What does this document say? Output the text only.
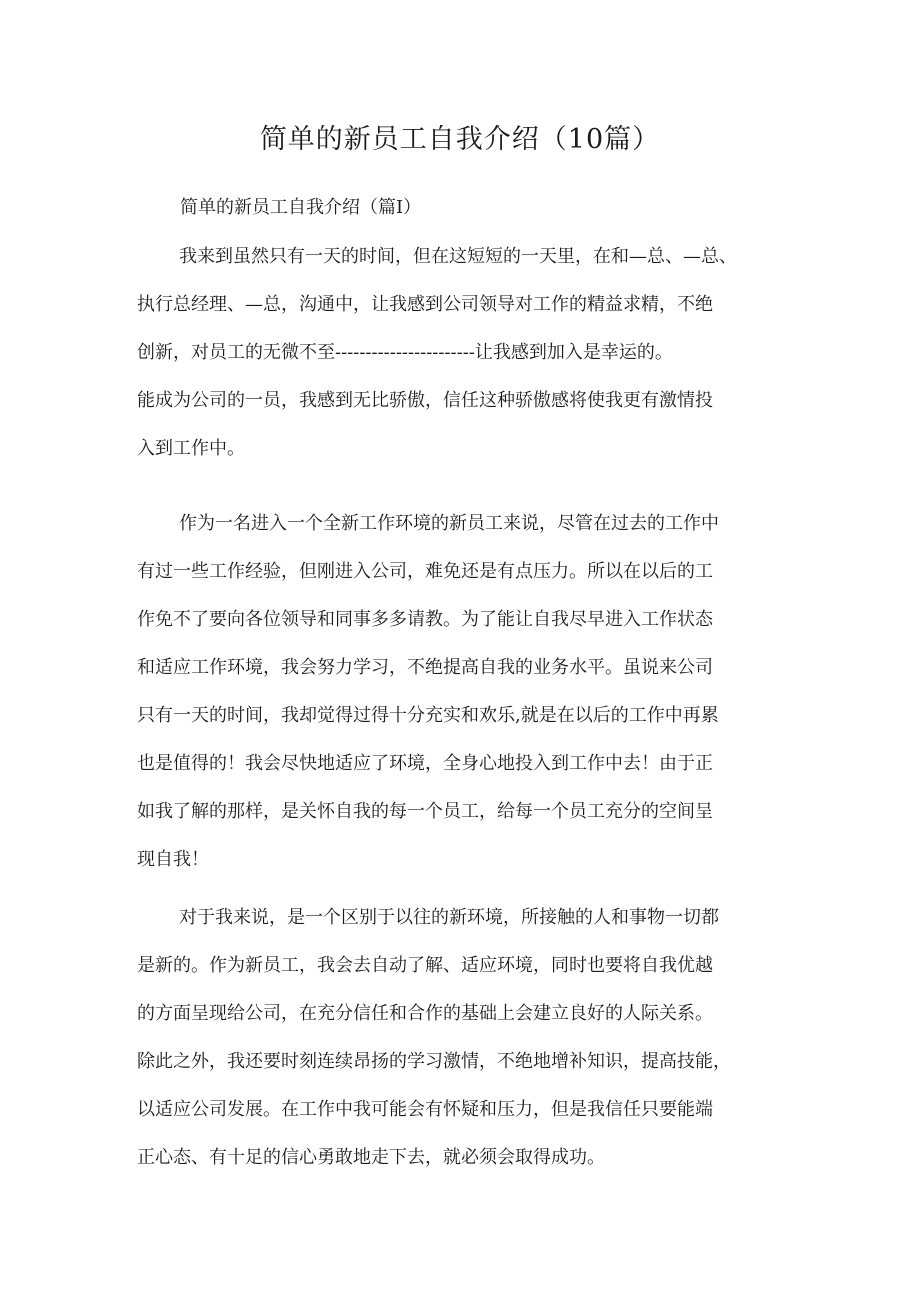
简单的新员工自我介绍（10篇）
简单的新员工自我介绍（篇I）
我来到虽然只有一天的时间，但在这短短的一天里，在和—总、—总、
执行总经理、—总，沟通中，让我感到公司领导对工作的精益求精，不绝
创新，对员工的无微不至-----------------------让我感到加入是幸运的。
能成为公司的一员，我感到无比骄傲，信任这种骄傲感将使我更有激情投
入到工作中。
作为一名进入一个全新工作环境的新员工来说，尽管在过去的工作中
有过一些工作经验，但刚进入公司，难免还是有点压力。所以在以后的工
作免不了要向各位领导和同事多多请教。为了能让自我尽早进入工作状态
和适应工作环境，我会努力学习，不绝提高自我的业务水平。虽说来公司
只有一天的时间，我却觉得过得十分充实和欢乐,就是在以后的工作中再累
也是值得的！我会尽快地适应了环境，全身心地投入到工作中去！由于正
如我了解的那样，是关怀自我的每一个员工，给每一个员工充分的空间呈
现自我！
对于我来说，是一个区别于以往的新环境，所接触的人和事物一切都
是新的。作为新员工，我会去自动了解、适应环境，同时也要将自我优越
的方面呈现给公司，在充分信任和合作的基础上会建立良好的人际关系。
除此之外，我还要时刻连续昂扬的学习激情，不绝地增补知识，提高技能，
以适应公司发展。在工作中我可能会有怀疑和压力，但是我信任只要能端
正心态、有十足的信心勇敢地走下去，就必须会取得成功。
